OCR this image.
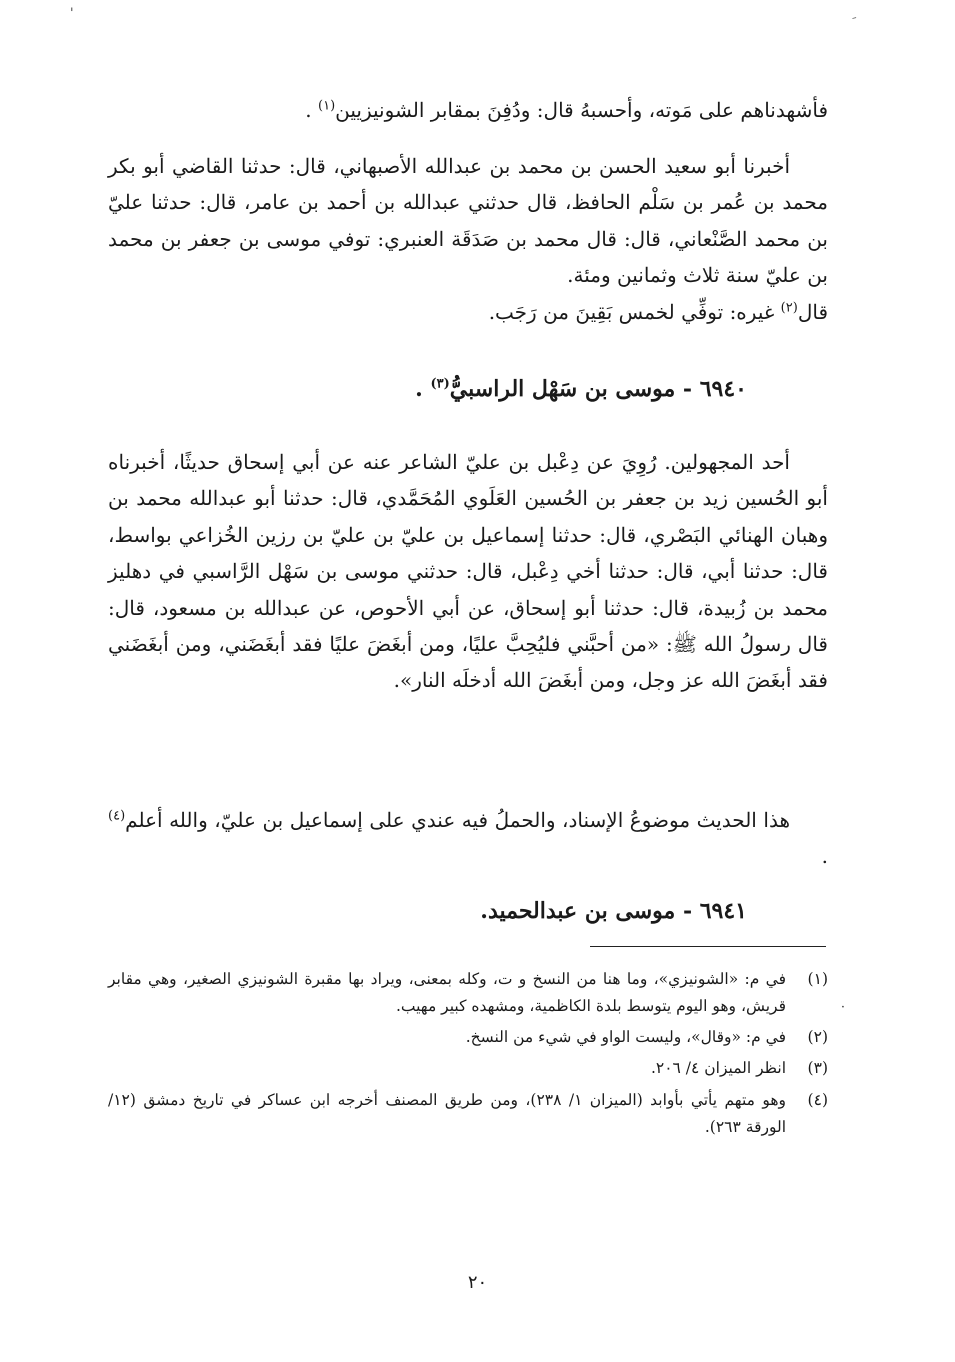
'
·

فأشهدناهم على مَوته، وأحسبهُ قال: ودُفِنَ بمقابر الشونيزيين$^{(١)}$ .

أخبرنا أبو سعيد الحسن بن محمد بن عبدالله الأصبهاني، قال: حدثنا القاضي أبو بكر محمد بن عُمر بن سَلْم الحافظ، قال حدثني عبدالله بن أحمد بن عامر، قال: حدثنا عليّ بن محمد الصَّنْعاني، قال: قال محمد بن صَدَقَة العنبري: توفي موسى بن جعفر بن محمد بن عليّ سنة ثلاث وثمانين ومئة.

قال$^{(٢)}$ غيره: توفِّي لخمس بَقِينَ من رَجَب.

٦٩٤٠ - موسى بن سَهْل الراسبيُّ$^{(٣)}$ .

أحد المجهولين. رُوِيَ عن دِعْبل بن عليّ الشاعر عنه عن أبي إسحاق حديثًا، أخبرناه أبو الحُسين زيد بن جعفر بن الحُسين العَلَوي المُحَمَّدي، قال: حدثنا أبو عبدالله محمد بن وهبان الهنائي البَصْري، قال: حدثنا إسماعيل بن عليّ بن عليّ بن رزين الخُزاعي بواسط، قال: حدثنا أبي، قال: حدثنا أخي دِعْبل، قال: حدثني موسى بن سَهْل الرَّاسبي في دهليز محمد بن زُبيدة، قال: حدثنا أبو إسحاق، عن أبي الأحوص، عن عبدالله بن مسعود، قال: قال رسولُ الله ﷺ: «من أحبَّني فليُحِبَّ عليًا، ومن أبغَضَ عليًا فقد أبغَضَني، ومن أبغَضَني فقد أبغَضَ الله عز وجل، ومن أبغَضَ الله أدخلَه النار».

هذا الحديث موضوعُ الإسناد، والحملُ فيه عندي على إسماعيل بن عليّ، والله أعلم$^{(٤)}$ .

٦٩٤١ - موسى بن عبدالحميد.
(١)
في م: «الشونيزي»، وما هنا من النسخ و ت، وكله بمعنى، ويراد بها مقبرة الشونيزي الصغير، وهي مقابر قريش، وهو اليوم يتوسط بلدة الكاظمية، ومشهده كبير مهيب.
(٢)
في م: «وقال»، وليست الواو في شيء من النسخ.
(٣)
انظر الميزان ٤/ ٢٠٦.
(٤)
وهو متهم يأتي بأوابد (الميزان ١/ ٢٣٨)، ومن طريق المصنف أخرجه ابن عساكر في تاريخ دمشق (١٢/ الورقة ٢٦٣).
٢٠
